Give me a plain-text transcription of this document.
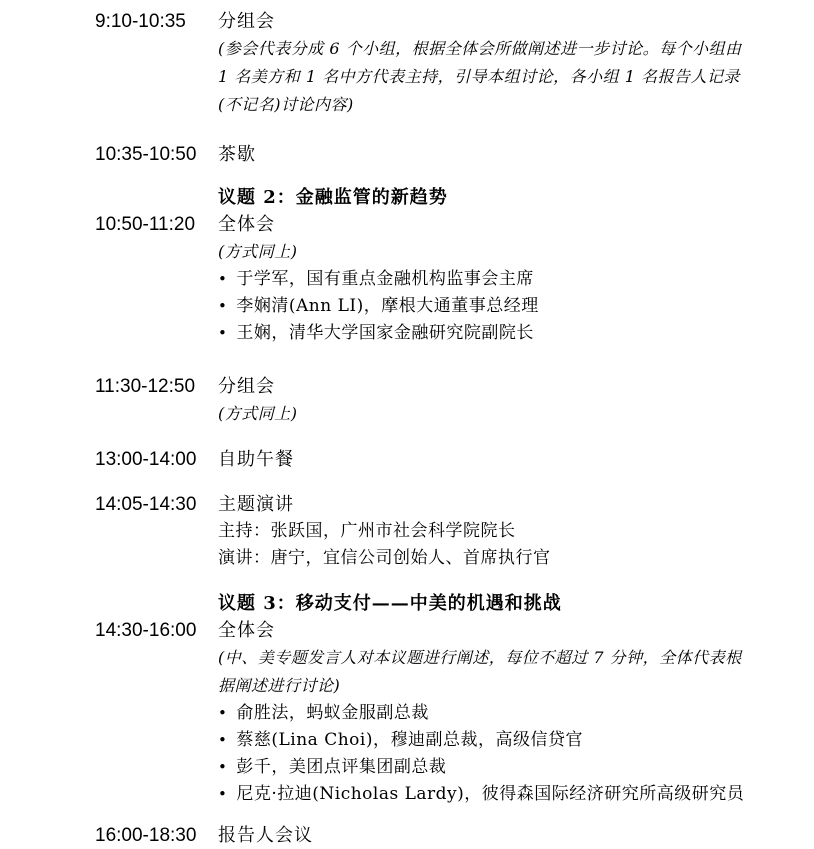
9:10-10:35	分组会
(参会代表分成 6 个小组，根据全体会所做阐述进一步讨论。每个小组由 1 名美方和 1 名中方代表主持，引导本组讨论，各小组 1 名报告人记录(不记名)讨论内容)
10:35-10:50	茶歇
议题 2：金融监管的新趋势
10:50-11:20	全体会
(方式同上)
•
于学军，国有重点金融机构监事会主席
•
李娴清(Ann LI)，摩根大通董事总经理
•
王娴，清华大学国家金融研究院副院长
11:30-12:50	分组会
(方式同上)
13:00-14:00	自助午餐
14:05-14:30	主题演讲
主持：张跃国，广州市社会科学院院长
演讲：唐宁，宜信公司创始人、首席执行官
议题 3：移动支付——中美的机遇和挑战
14:30-16:00	全体会
(中、美专题发言人对本议题进行阐述，每位不超过 7 分钟，全体代表根据阐述进行讨论)
•
俞胜法，蚂蚁金服副总裁
•
蔡慈(Lina Choi)，穆迪副总裁，高级信贷官
•
彭千，美团点评集团副总裁
•
尼克·拉迪(Nicholas Lardy)，彼得森国际经济研究所高级研究员
16:00-18:30	报告人会议
